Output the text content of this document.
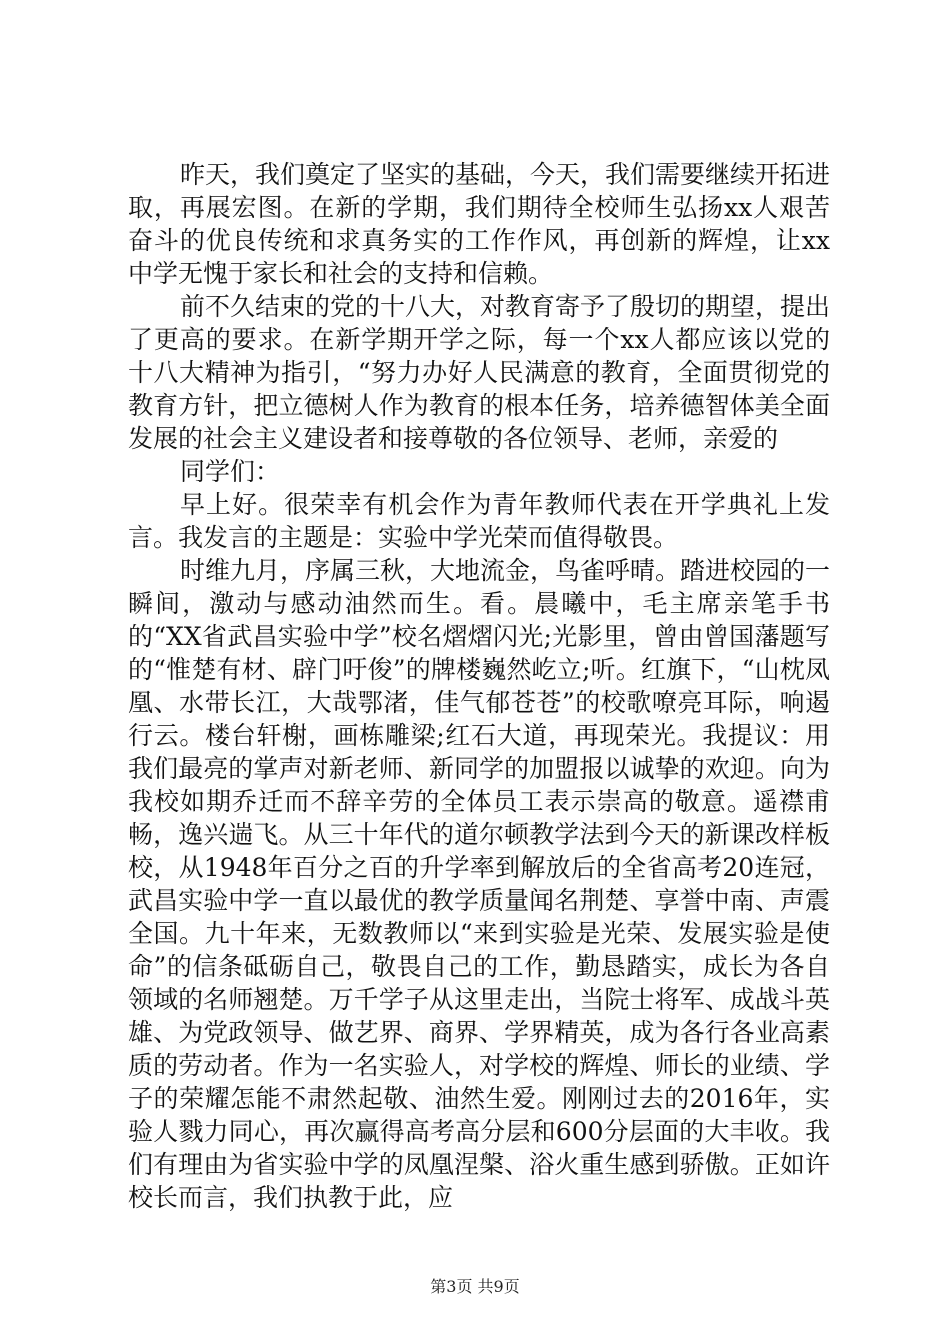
昨天，我们奠定了坚实的基础，今天，我们需要继续开拓进取，再展宏图。在新的学期，我们期待全校师生弘扬xx人艰苦奋斗的优良传统和求真务实的工作作风，再创新的辉煌，让xx中学无愧于家长和社会的支持和信赖。

前不久结束的党的十八大，对教育寄予了殷切的期望，提出了更高的要求。在新学期开学之际，每一个xx人都应该以党的十八大精神为指引，“努力办好人民满意的教育，全面贯彻党的教育方针，把立德树人作为教育的根本任务，培养德智体美全面发展的社会主义建设者和接尊敬的各位领导、老师，亲爱的

同学们：

早上好。很荣幸有机会作为青年教师代表在开学典礼上发言。我发言的主题是：实验中学光荣而值得敬畏。

时维九月，序属三秋，大地流金，鸟雀呼晴。踏进校园的一瞬间，激动与感动油然而生。看。晨曦中，毛主席亲笔手书的“XX省武昌实验中学”校名熠熠闪光;光影里，曾由曾国藩题写的“惟楚有材、辟门吁俊”的牌楼巍然屹立;听。红旗下，“山枕凤凰、水带长江，大哉鄂渚，佳气郁苍苍”的校歌嘹亮耳际，响遏行云。楼台轩榭，画栋雕梁;红石大道，再现荣光。我提议：用我们最亮的掌声对新老师、新同学的加盟报以诚挚的欢迎。向为我校如期乔迁而不辞辛劳的全体员工表示崇高的敬意。遥襟甫畅，逸兴遄飞。从三十年代的道尔顿教学法到今天的新课改样板校，从1948年百分之百的升学率到解放后的全省高考20连冠，武昌实验中学一直以最优的教学质量闻名荆楚、享誉中南、声震全国。九十年来，无数教师以“来到实验是光荣、发展实验是使命”的信条砥砺自己，敬畏自己的工作，勤恳踏实，成长为各自领域的名师翘楚。万千学子从这里走出，当院士将军、成战斗英雄、为党政领导、做艺界、商界、学界精英，成为各行各业高素质的劳动者。作为一名实验人，对学校的辉煌、师长的业绩、学子的荣耀怎能不肃然起敬、油然生爱。刚刚过去的2016年，实验人戮力同心，再次赢得高考高分层和600分层面的大丰收。我们有理由为省实验中学的凤凰涅槃、浴火重生感到骄傲。正如许校长而言，我们执教于此，应

第3页 共9页
